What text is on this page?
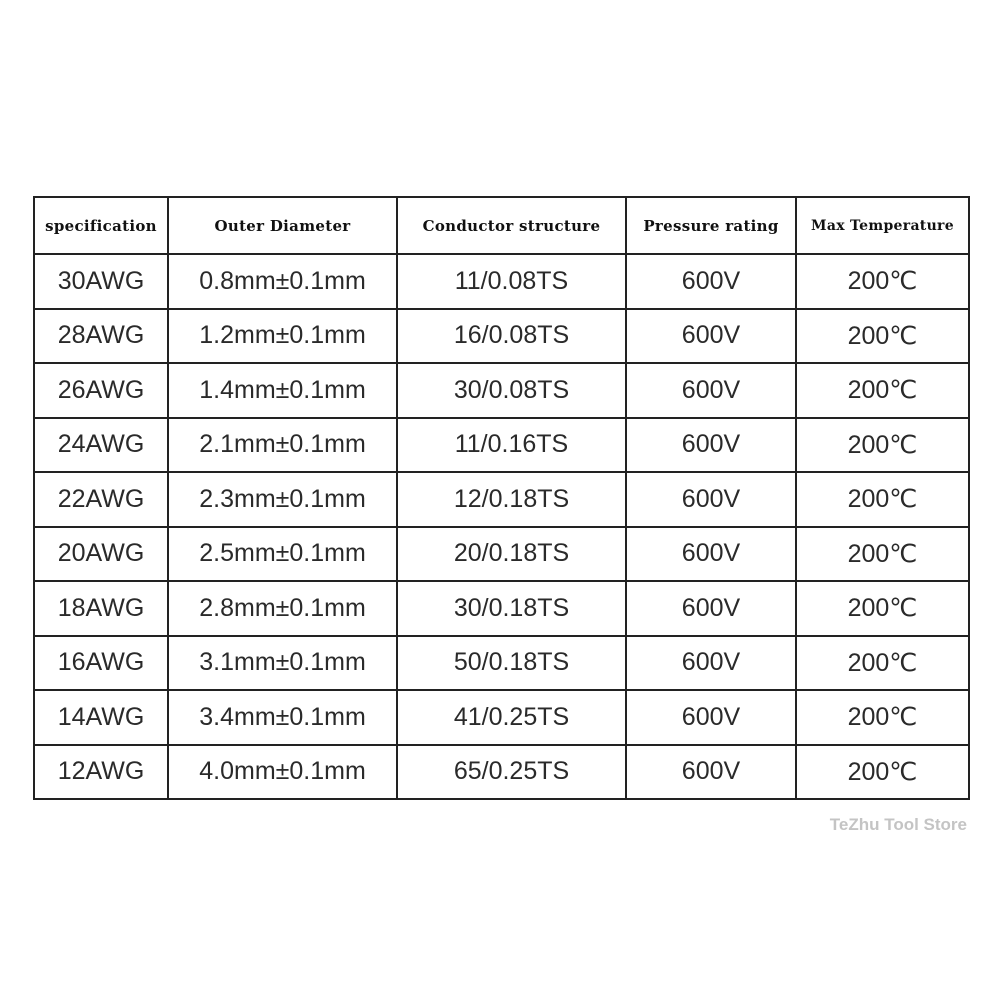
specification	Outer Diameter	Conductor structure	Pressure rating	Max Temperature
30AWG	0.8mm±0.1mm	11/0.08TS	600V	200℃
28AWG	1.2mm±0.1mm	16/0.08TS	600V	200℃
26AWG	1.4mm±0.1mm	30/0.08TS	600V	200℃
24AWG	2.1mm±0.1mm	11/0.16TS	600V	200℃
22AWG	2.3mm±0.1mm	12/0.18TS	600V	200℃
20AWG	2.5mm±0.1mm	20/0.18TS	600V	200℃
18AWG	2.8mm±0.1mm	30/0.18TS	600V	200℃
16AWG	3.1mm±0.1mm	50/0.18TS	600V	200℃
14AWG	3.4mm±0.1mm	41/0.25TS	600V	200℃
12AWG	4.0mm±0.1mm	65/0.25TS	600V	200℃
TeZhu Tool Store
